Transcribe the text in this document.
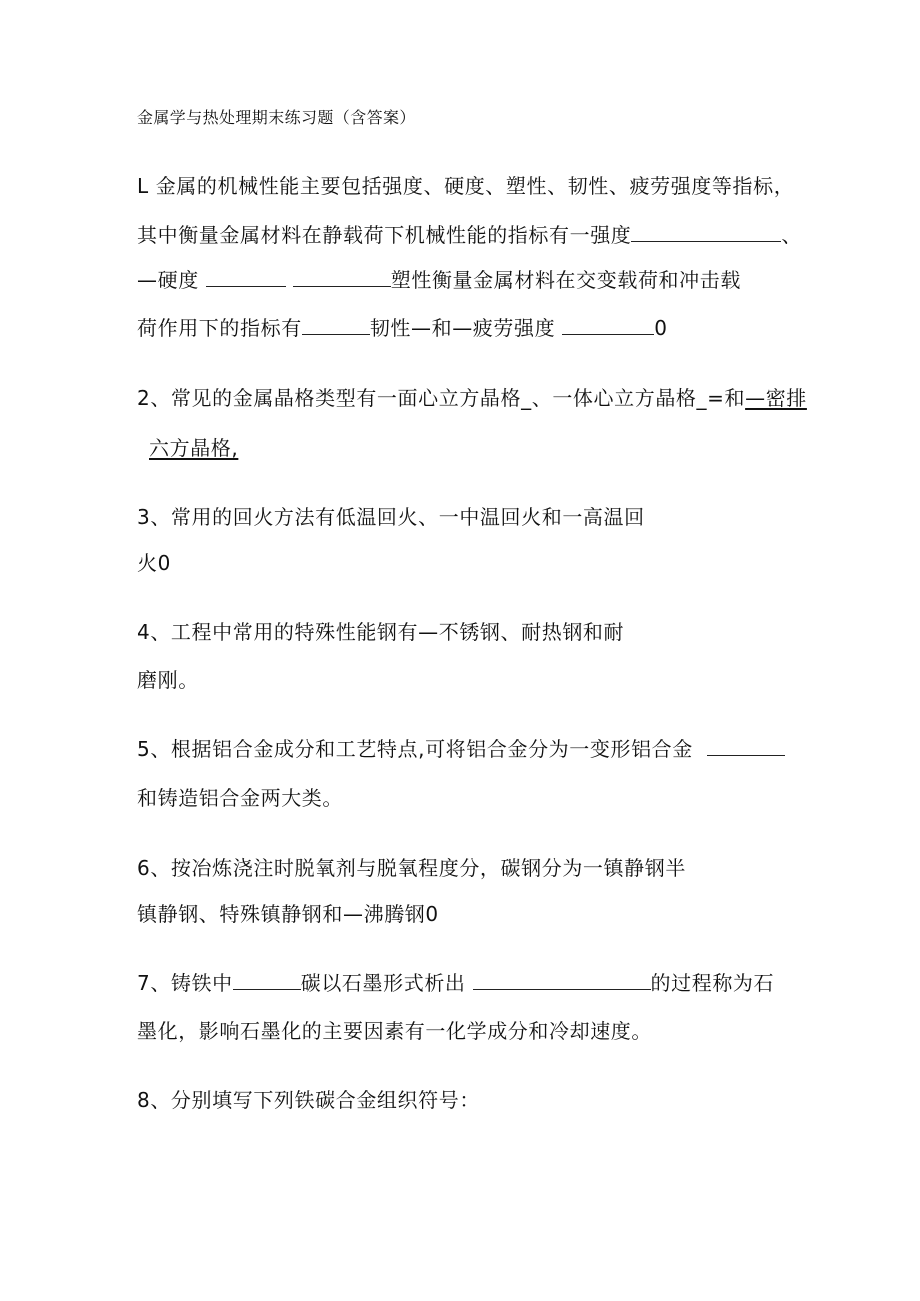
金属学与热处理期末练习题（含答案）
L 金属的机械性能主要包括强度、硬度、塑性、韧性、疲劳强度等指标，
其中衡量金属材料在静载荷下机械性能的指标有一强度	、
—硬度	塑性衡量金属材料在交变载荷和冲击载
荷作用下的指标有	韧性—和—疲劳强度	0
2、常见的金属晶格类型有一面心立方晶格_、一体心立方晶格_=和—密排
六方晶格,
3、常用的回火方法有低温回火、一中温回火和一高温回
火0
4、工程中常用的特殊性能钢有—不锈钢、耐热钢和耐
磨刚。
5、根据铝合金成分和工艺特点,可将铝合金分为一变形铝合金
和铸造铝合金两大类。
6、按冶炼浇注时脱氧剂与脱氧程度分，碳钢分为一镇静钢半
镇静钢、特殊镇静钢和—沸腾钢0
7、铸铁中	碳以石墨形式析出	的过程称为石
墨化，影响石墨化的主要因素有一化学成分和冷却速度。
8、分别填写下列铁碳合金组织符号：
